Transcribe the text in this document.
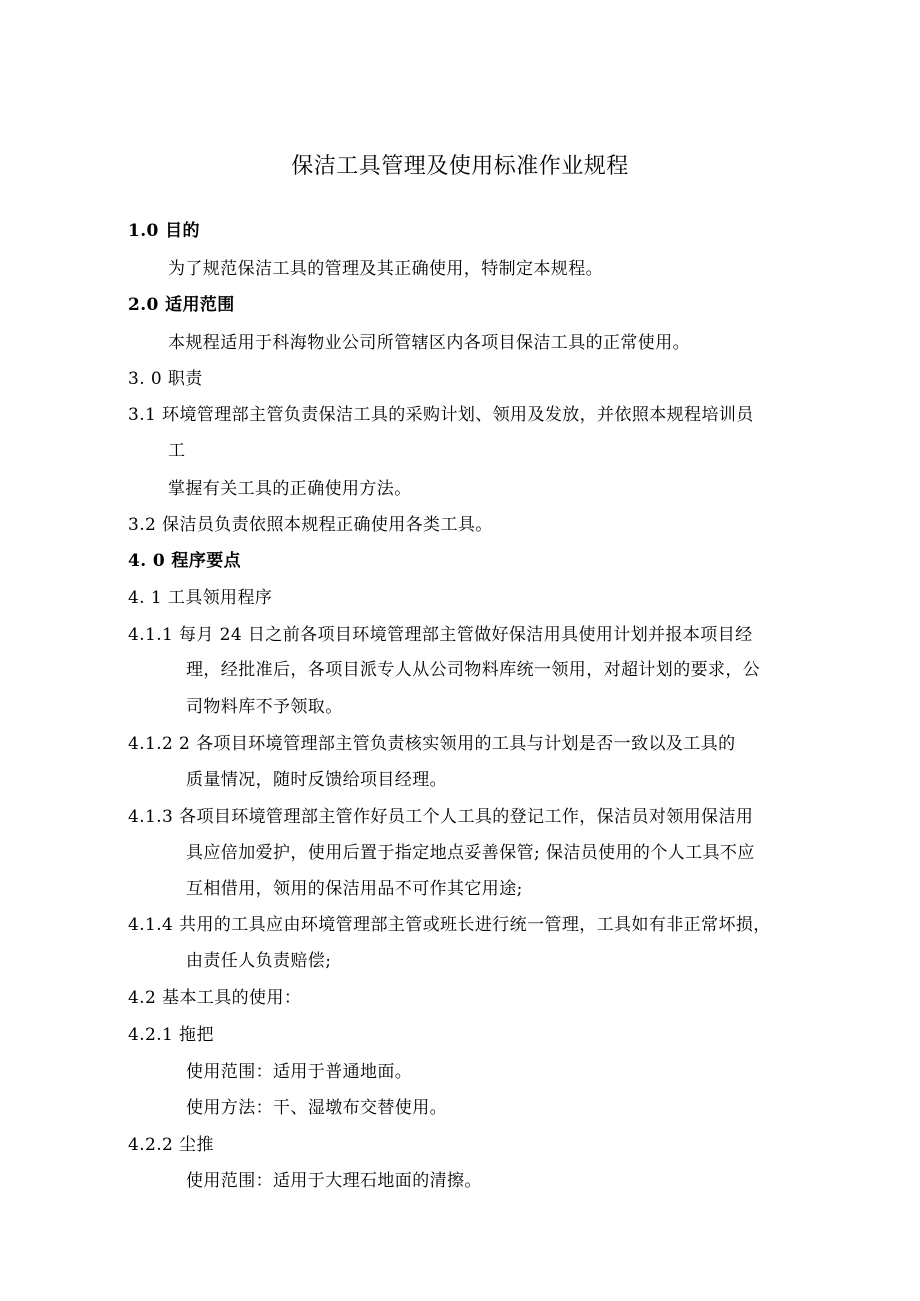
保洁工具管理及使用标准作业规程
1.0 目的
为了规范保洁工具的管理及其正确使用，特制定本规程。
2.0 适用范围
本规程适用于科海物业公司所管辖区内各项目保洁工具的正常使用。
3. 0 职责
3.1 环境管理部主管负责保洁工具的采购计划、领用及发放，并依照本规程培训员
工
掌握有关工具的正确使用方法。
3.2 保洁员负责依照本规程正确使用各类工具。
4. 0 程序要点
4. 1 工具领用程序
4.1.1 每月 24 日之前各项目环境管理部主管做好保洁用具使用计划并报本项目经
理，经批准后，各项目派专人从公司物料库统一领用，对超计划的要求，公
司物料库不予领取。
4.1.2 2 各项目环境管理部主管负责核实领用的工具与计划是否一致以及工具的
质量情况，随时反馈给项目经理。
4.1.3 各项目环境管理部主管作好员工个人工具的登记工作，保洁员对领用保洁用
具应倍加爱护，使用后置于指定地点妥善保管; 保洁员使用的个人工具不应
互相借用，领用的保洁用品不可作其它用途;
4.1.4 共用的工具应由环境管理部主管或班长进行统一管理，工具如有非正常坏损，
由责任人负责赔偿;
4.2 基本工具的使用：
4.2.1 拖把
使用范围：适用于普通地面。
使用方法：干、湿墩布交替使用。
4.2.2 尘推
使用范围：适用于大理石地面的清擦。
